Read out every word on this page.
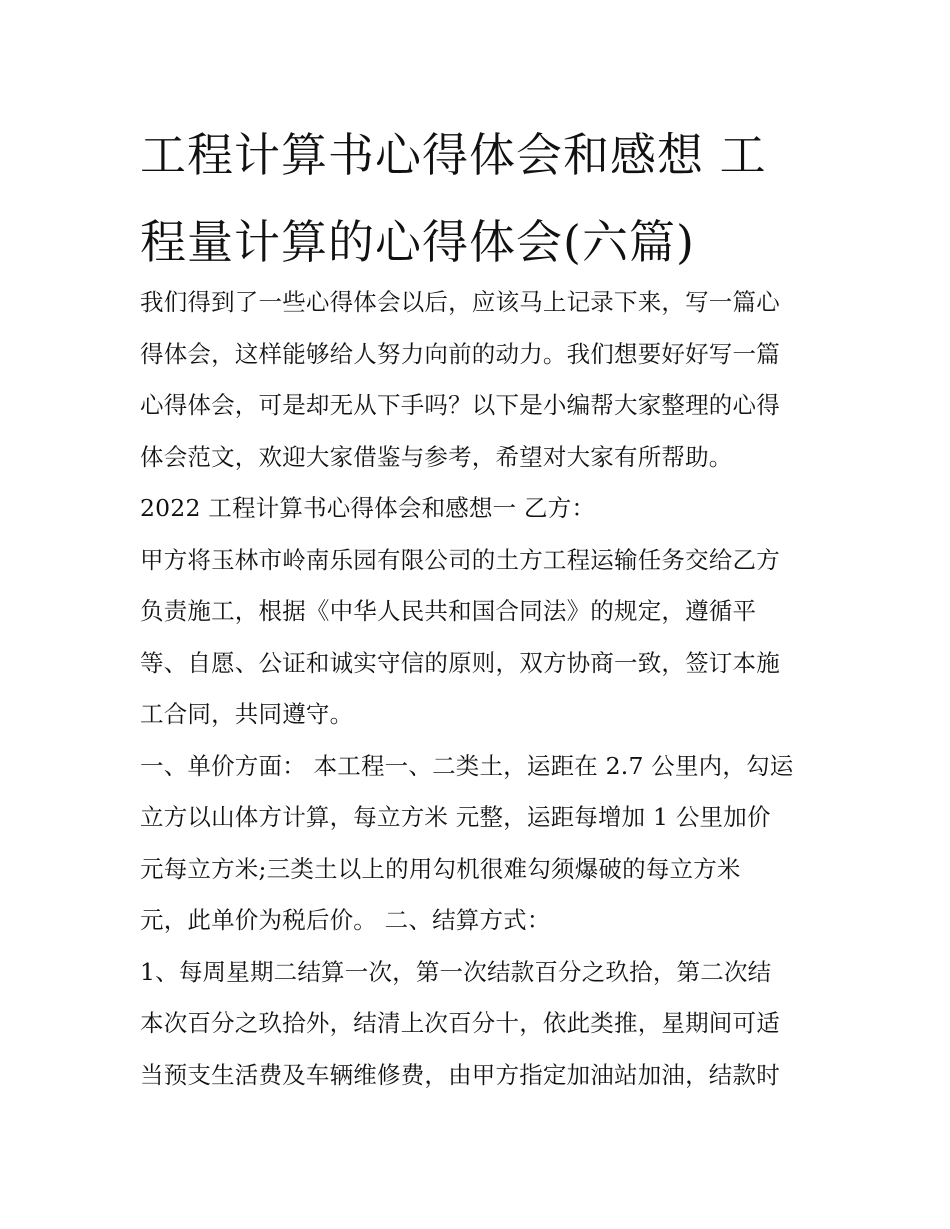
工程计算书心得体会和感想 工
程量计算的心得体会(六篇)
我们得到了一些心得体会以后，应该马上记录下来，写一篇心
得体会，这样能够给人努力向前的动力。我们想要好好写一篇
心得体会，可是却无从下手吗？以下是小编帮大家整理的心得
体会范文，欢迎大家借鉴与参考，希望对大家有所帮助。
2022 工程计算书心得体会和感想一 乙方：
甲方将玉林市岭南乐园有限公司的土方工程运输任务交给乙方
负责施工，根据《中华人民共和国合同法》的规定，遵循平
等、自愿、公证和诚实守信的原则，双方协商一致，签订本施
工合同，共同遵守。
一、单价方面： 本工程一、二类土，运距在 2.7 公里内，勾运
立方以山体方计算，每立方米 元整，运距每增加 1 公里加价
元每立方米;三类土以上的用勾机很难勾须爆破的每立方米
元，此单价为税后价。 二、结算方式：
1、每周星期二结算一次，第一次结款百分之玖拾，第二次结
本次百分之玖拾外，结清上次百分十，依此类推，星期间可适
当预支生活费及车辆维修费，由甲方指定加油站加油，结款时
